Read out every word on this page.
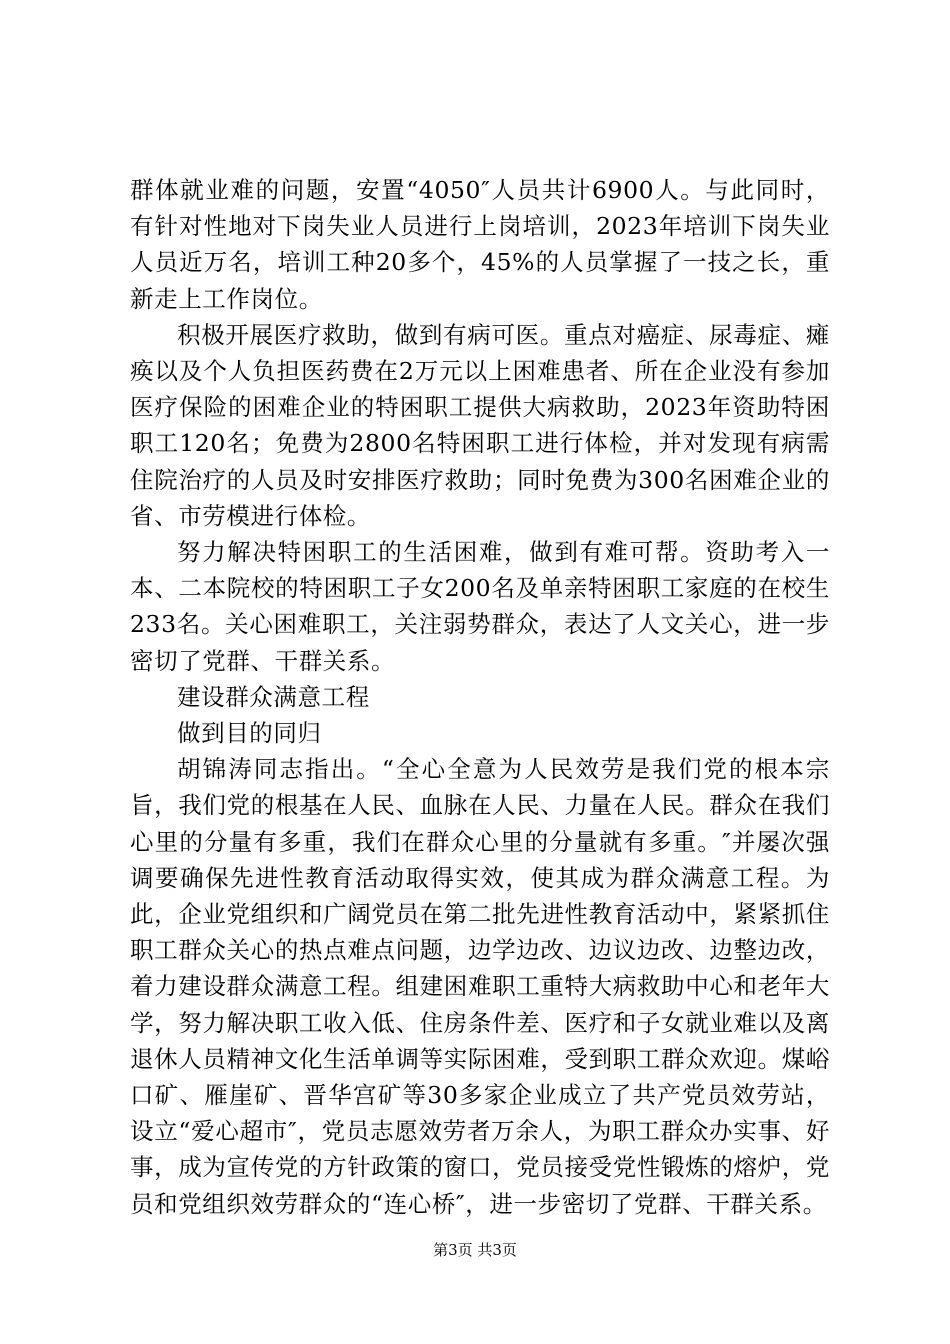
群体就业难的问题，安置“4050″人员共计6900人。与此同时，有针对性地对下岗失业人员进行上岗培训，2023年培训下岗失业人员近万名，培训工种20多个，45%的人员掌握了一技之长，重新走上工作岗位。

积极开展医疗救助，做到有病可医。重点对癌症、尿毒症、瘫痪以及个人负担医药费在2万元以上困难患者、所在企业没有参加医疗保险的困难企业的特困职工提供大病救助，2023年资助特困职工120名；免费为2800名特困职工进行体检，并对发现有病需住院治疗的人员及时安排医疗救助；同时免费为300名困难企业的省、市劳模进行体检。

努力解决特困职工的生活困难，做到有难可帮。资助考入一本、二本院校的特困职工子女200名及单亲特困职工家庭的在校生233名。关心困难职工，关注弱势群众，表达了人文关心，进一步密切了党群、干群关系。

建设群众满意工程

做到目的同归

胡锦涛同志指出。“全心全意为人民效劳是我们党的根本宗旨，我们党的根基在人民、血脉在人民、力量在人民。群众在我们心里的分量有多重，我们在群众心里的分量就有多重。″并屡次强调要确保先进性教育活动取得实效，使其成为群众满意工程。为此，企业党组织和广阔党员在第二批先进性教育活动中，紧紧抓住职工群众关心的热点难点问题，边学边改、边议边改、边整边改，着力建设群众满意工程。组建困难职工重特大病救助中心和老年大学，努力解决职工收入低、住房条件差、医疗和子女就业难以及离退休人员精神文化生活单调等实际困难，受到职工群众欢迎。煤峪口矿、雁崖矿、晋华宫矿等30多家企业成立了共产党员效劳站，设立“爱心超市″，党员志愿效劳者万余人，为职工群众办实事、好事，成为宣传党的方针政策的窗口，党员接受党性锻炼的熔炉，党员和党组织效劳群众的“连心桥″，进一步密切了党群、干群关系。

第3页 共3页
